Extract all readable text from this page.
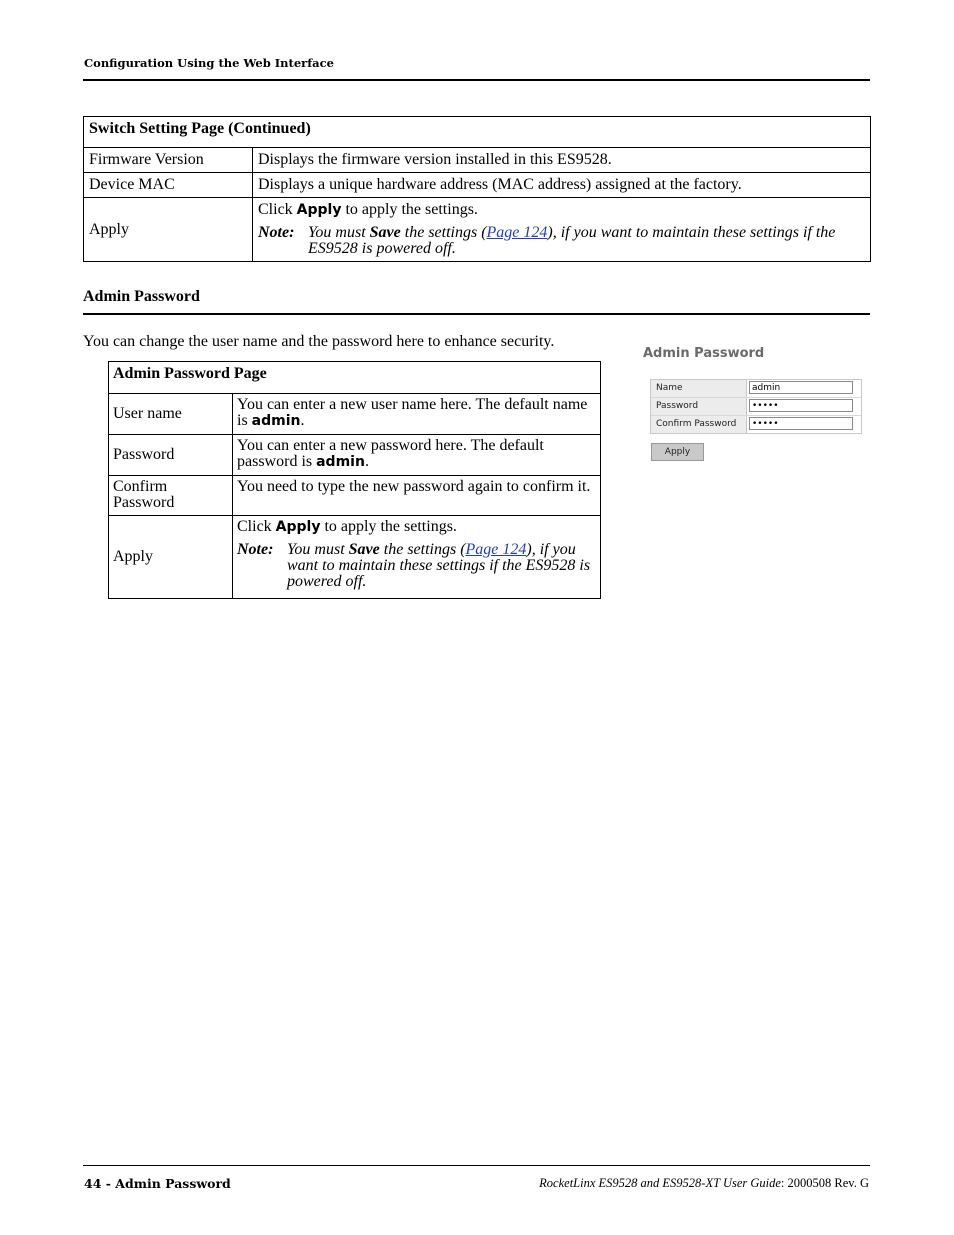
Configuration Using the Web Interface
Switch Setting Page (Continued)	
Firmware Version	Displays the firmware version installed in this ES9528.
Device MAC	Displays a unique hardware address (MAC address) assigned at the factory.
Apply	Click Apply to apply the settings.
Note: You must Save the settings (Page 124), if you want to maintain these settings if the ES9528 is powered off.
Admin Password
You can change the user name and the password here to enhance security.
Admin Password Page	
User name	You can enter a new user name here. The default name is admin.
Password	You can enter a new password here. The default password is admin.
Confirm Password	You need to type the new password again to confirm it.
Apply	Click Apply to apply the settings.
Note: You must Save the settings (Page 124), if you want to maintain these settings if the ES9528 is powered off.
Admin Password
Name	admin
Password	•••••
Confirm Password	•••••
Apply
44 - Admin Password	RocketLinx ES9528 and ES9528-XT User Guide: 2000508 Rev. G
